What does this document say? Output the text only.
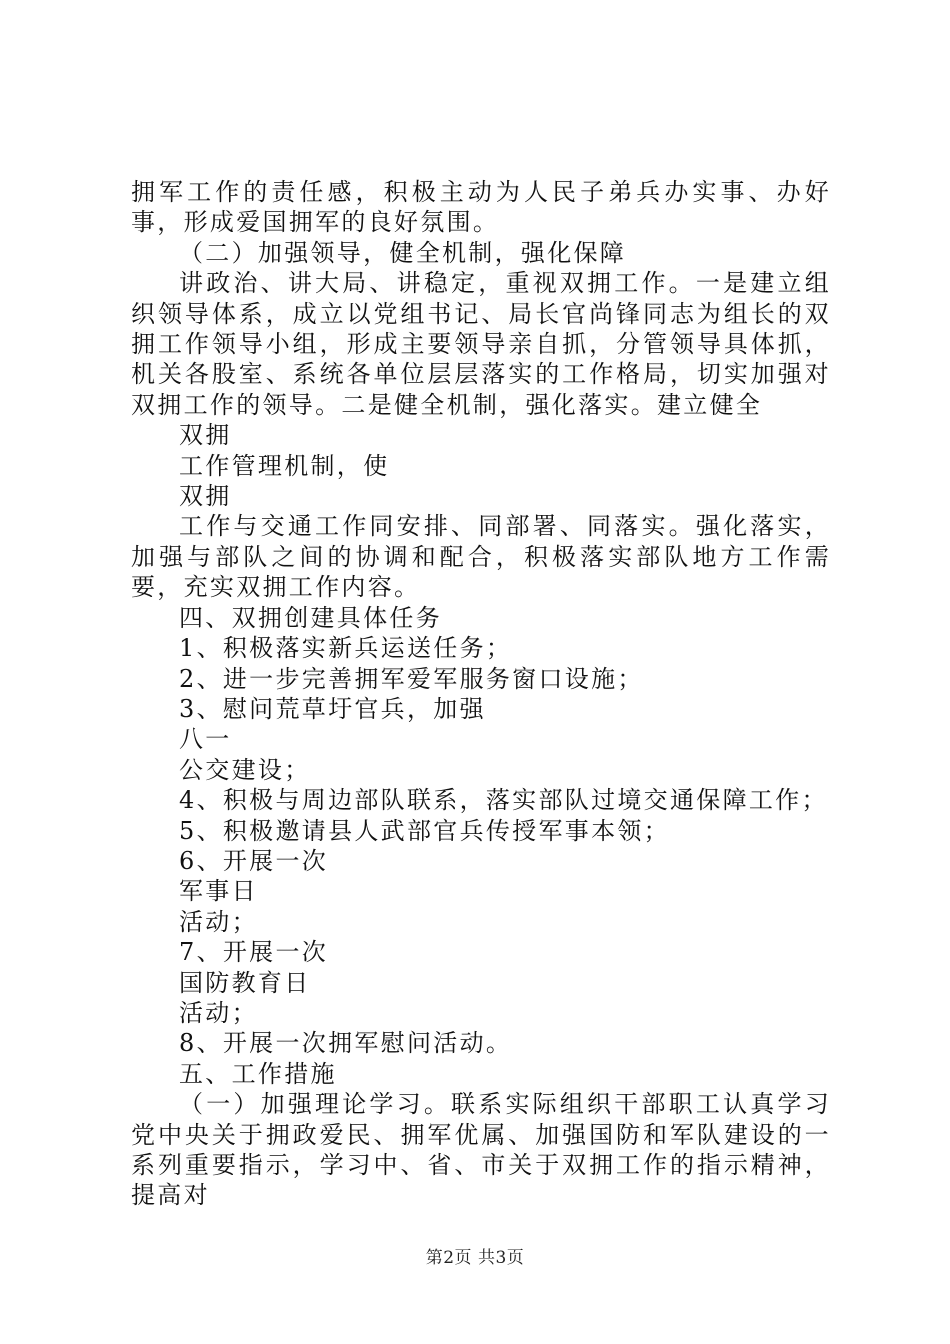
拥军工作的责任感，积极主动为人民子弟兵办实事、办好事，形成爱国拥军的良好氛围。

（二）加强领导，健全机制，强化保障

讲政治、讲大局、讲稳定，重视双拥工作。一是建立组织领导体系，成立以党组书记、局长官尚锋同志为组长的双拥工作领导小组，形成主要领导亲自抓，分管领导具体抓，机关各股室、系统各单位层层落实的工作格局，切实加强对双拥工作的领导。二是健全机制，强化落实。建立健全

双拥

工作管理机制，使

双拥

工作与交通工作同安排、同部署、同落实。强化落实，加强与部队之间的协调和配合，积极落实部队地方工作需要，充实双拥工作内容。

四、双拥创建具体任务

1、积极落实新兵运送任务；

2、进一步完善拥军爱军服务窗口设施；

3、慰问荒草圩官兵，加强

八一

公交建设；

4、积极与周边部队联系，落实部队过境交通保障工作；

5、积极邀请县人武部官兵传授军事本领；

6、开展一次

军事日

活动；

7、开展一次

国防教育日

活动；

8、开展一次拥军慰问活动。

五、工作措施

（一）加强理论学习。联系实际组织干部职工认真学习党中央关于拥政爱民、拥军优属、加强国防和军队建设的一系列重要指示，学习中、省、市关于双拥工作的指示精神，提高对

第2页 共3页
